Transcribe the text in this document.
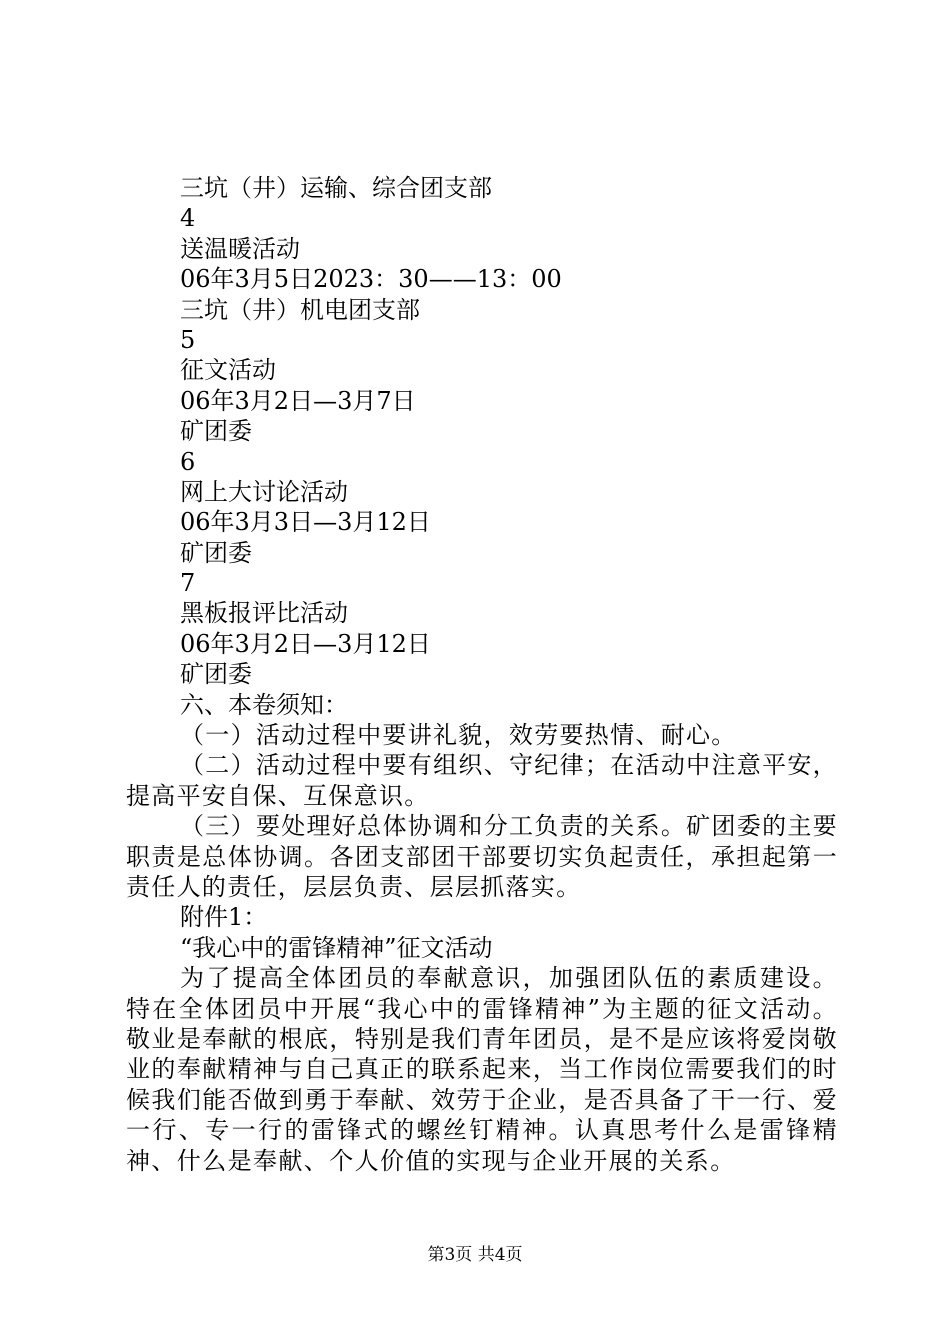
三坑（井）运输、综合团支部
4
送温暖活动
06年3月5日2023：30——13：00
三坑（井）机电团支部
5
征文活动
06年3月2日—3月7日
矿团委
6
网上大讨论活动
06年3月3日—3月12日
矿团委
7
黑板报评比活动
06年3月2日—3月12日
矿团委
六、本卷须知：

（一）活动过程中要讲礼貌，效劳要热情、耐心。

（二）活动过程中要有组织、守纪律；在活动中注意平安，提高平安自保、互保意识。

（三）要处理好总体协调和分工负责的关系。矿团委的主要职责是总体协调。各团支部团干部要切实负起责任，承担起第一责任人的责任，层层负责、层层抓落实。

附件1：
“我心中的雷锋精神”征文活动

为了提高全体团员的奉献意识，加强团队伍的素质建设。特在全体团员中开展“我心中的雷锋精神”为主题的征文活动。敬业是奉献的根底，特别是我们青年团员，是不是应该将爱岗敬业的奉献精神与自己真正的联系起来，当工作岗位需要我们的时候我们能否做到勇于奉献、效劳于企业，是否具备了干一行、爱一行、专一行的雷锋式的螺丝钉精神。认真思考什么是雷锋精神、什么是奉献、个人价值的实现与企业开展的关系。

第3页 共4页
